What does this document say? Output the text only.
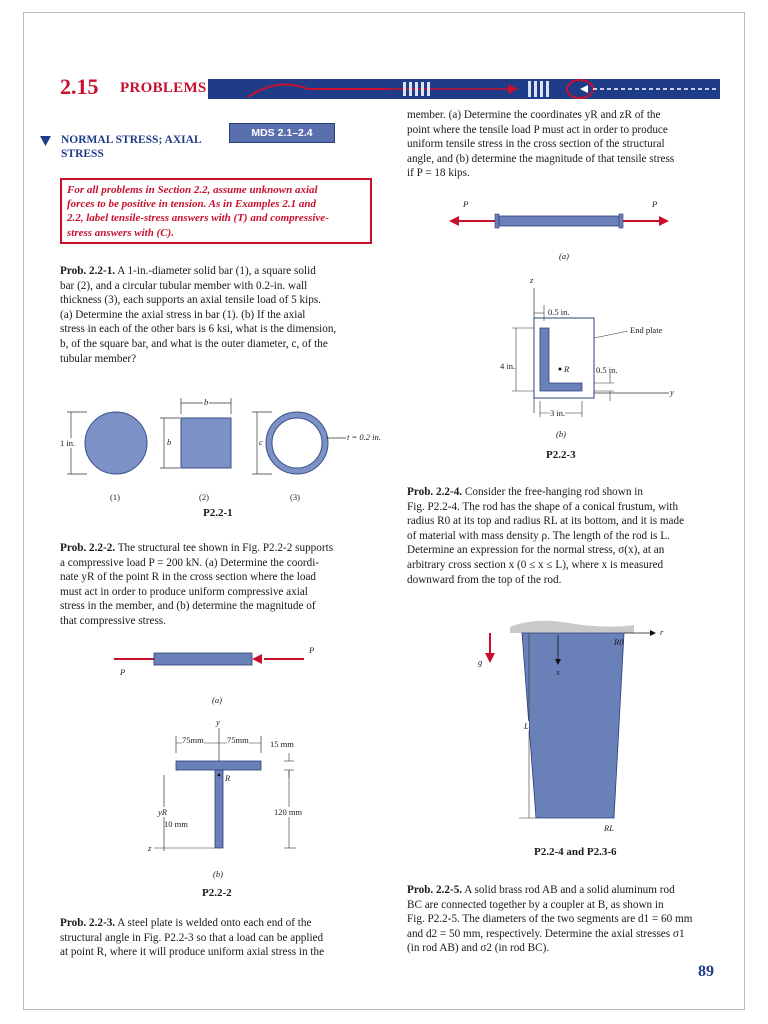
2.15 PROBLEMS
NORMAL STRESS; AXIAL
STRESS
MDS 2.1–2.4
For all problems in Section 2.2, assume unknown axial
forces to be positive in tension. As in Examples 2.1 and
2.2, label tensile-stress answers with (T) and compressive-
stress answers with (C).
Prob. 2.2-1. A 1-in.-diameter solid bar (1), a square solid
bar (2), and a circular tubular member with 0.2-in. wall
thickness (3), each supports an axial tensile load of 5 kips.
(a) Determine the axial stress in bar (1). (b) If the axial
stress in each of the other bars is 6 ksi, what is the dimension,
b, of the square bar, and what is the outer diameter, c, of the
tubular member?
1 in.
b
b	c	t = 0.2 in.
(1)	(2)	(3)
P2.2-1
Prob. 2.2-2. The structural tee shown in Fig. P2.2-2 supports
a compressive load P = 200 kN. (a) Determine the coordi-
nate yR of the point R in the cross section where the load
must act in order to produce uniform compressive axial
stress in the member, and (b) determine the magnitude of
that compressive stress.
P
P
(a)
y
75mm	75mm	15 mm
R
yR
10 mm
120 mm
z
(b)
P2.2-2
Prob. 2.2-3. A steel plate is welded onto each end of the
structural angle in Fig. P2.2-3 so that a load can be applied
at point R, where it will produce uniform axial stress in the
member. (a) Determine the coordinates yR and zR of the
point where the tensile load P must act in order to produce
uniform tensile stress in the cross section of the structural
angle, and (b) determine the magnitude of that tensile stress
if P = 18 kips.
P	P
(a)
z
0.5 in.
End plate
4 in.	R	0.5 in.
y
3 in.
(b)
P2.2-3
Prob. 2.2-4. Consider the free-hanging rod shown in
Fig. P2.2-4. The rod has the shape of a conical frustum, with
radius R0 at its top and radius RL at its bottom, and it is made
of material with mass density ρ. The length of the rod is L.
Determine an expression for the normal stress, σ(x), at an
arbitrary cross section x (0 ≤ x ≤ L), where x is measured
downward from the top of the rod.
g
x
R0
r
L
RL
P2.2-4 and P2.3-6
Prob. 2.2-5. A solid brass rod AB and a solid aluminum rod
BC are connected together by a coupler at B, as shown in
Fig. P2.2-5. The diameters of the two segments are d1 = 60 mm
and d2 = 50 mm, respectively. Determine the axial stresses σ1
(in rod AB) and σ2 (in rod BC).
89
